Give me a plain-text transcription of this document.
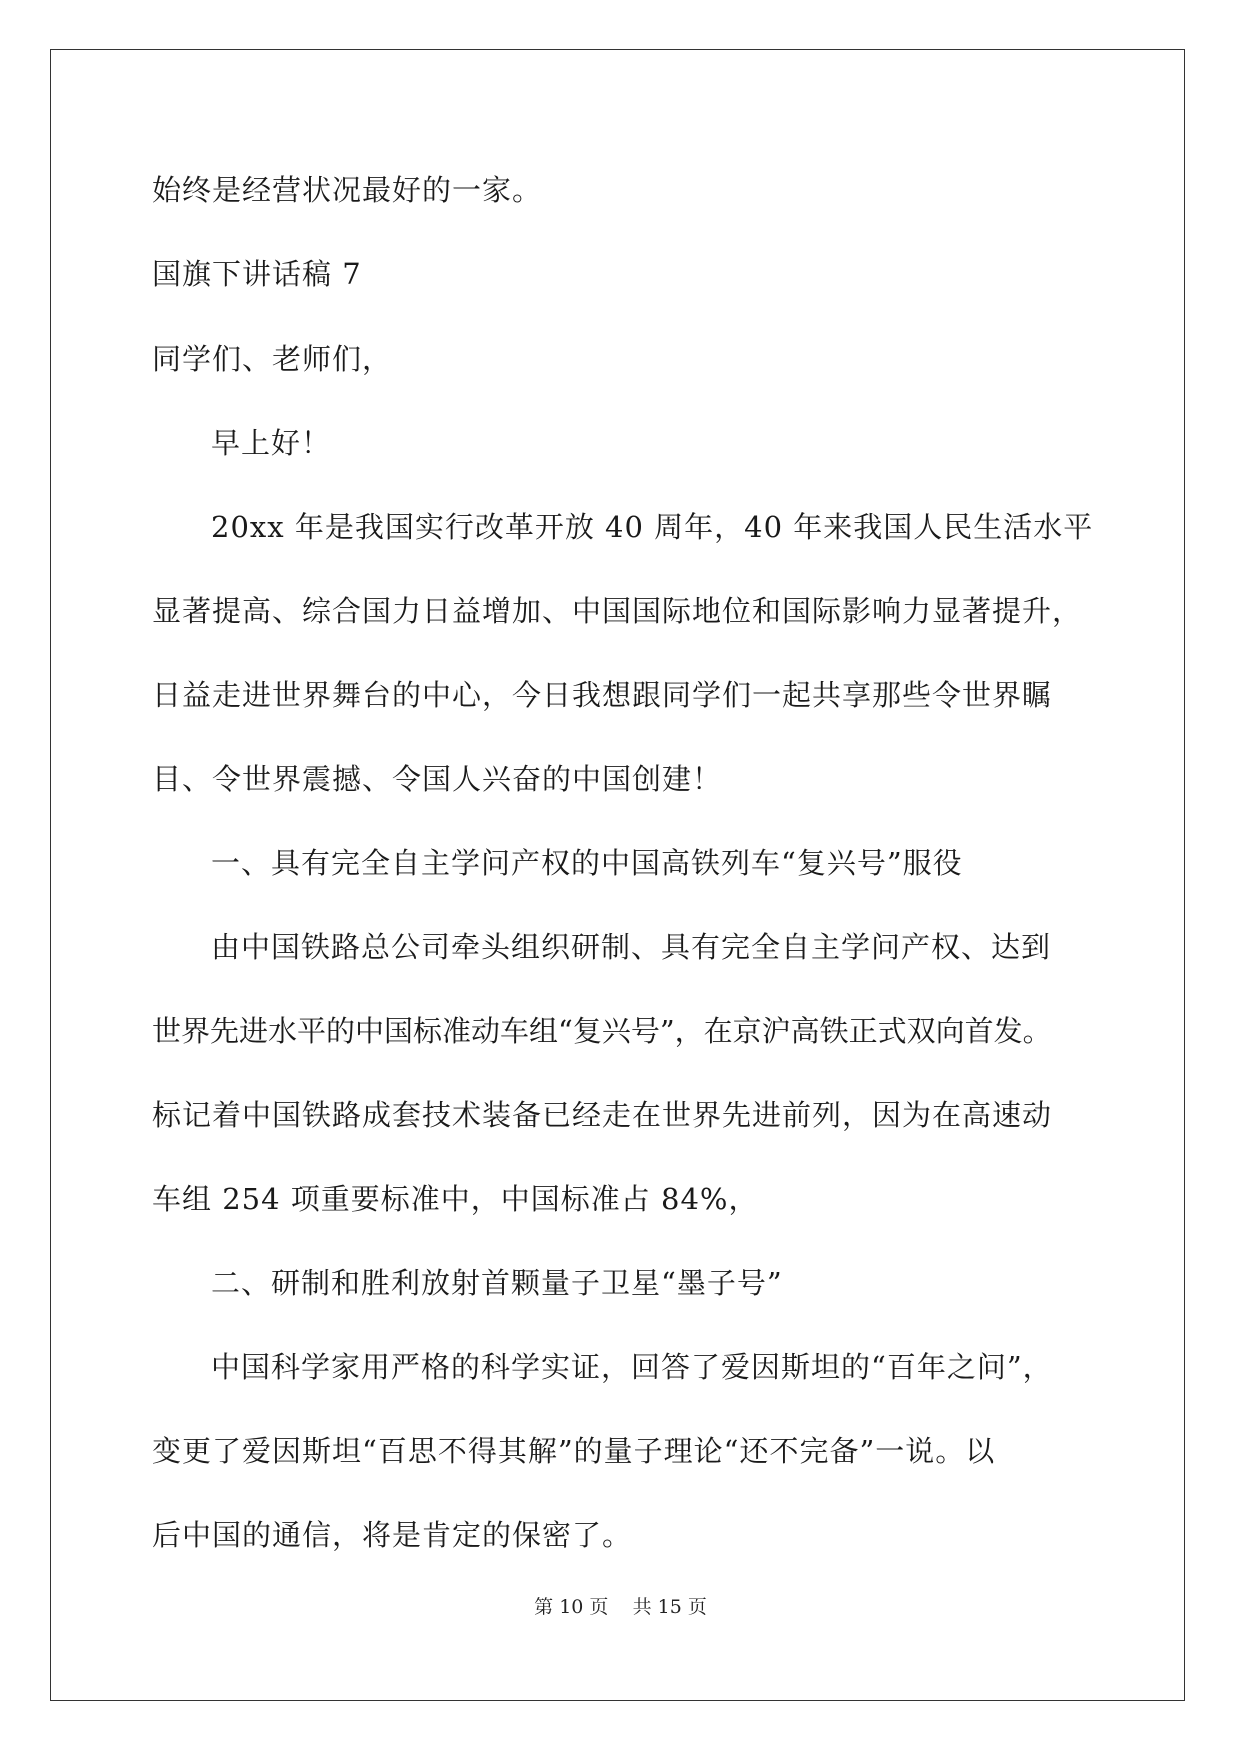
始终是经营状况最好的一家。
国旗下讲话稿 7
同学们、老师们，
早上好！
20xx 年是我国实行改革开放 40 周年，40 年来我国人民生活水平
显著提高、综合国力日益增加、中国国际地位和国际影响力显著提升，
日益走进世界舞台的中心，今日我想跟同学们一起共享那些令世界瞩
目、令世界震撼、令国人兴奋的中国创建！
一、具有完全自主学问产权的中国高铁列车“复兴号”服役
由中国铁路总公司牵头组织研制、具有完全自主学问产权、达到
世界先进水平的中国标准动车组“复兴号”，在京沪高铁正式双向首发。
标记着中国铁路成套技术装备已经走在世界先进前列，因为在高速动
车组 254 项重要标准中，中国标准占 84%，
二、研制和胜利放射首颗量子卫星“墨子号”
中国科学家用严格的科学实证，回答了爱因斯坦的“百年之问”，
变更了爱因斯坦“百思不得其解”的量子理论“还不完备”一说。以
后中国的通信，将是肯定的保密了。
第 10 页    共 15 页
